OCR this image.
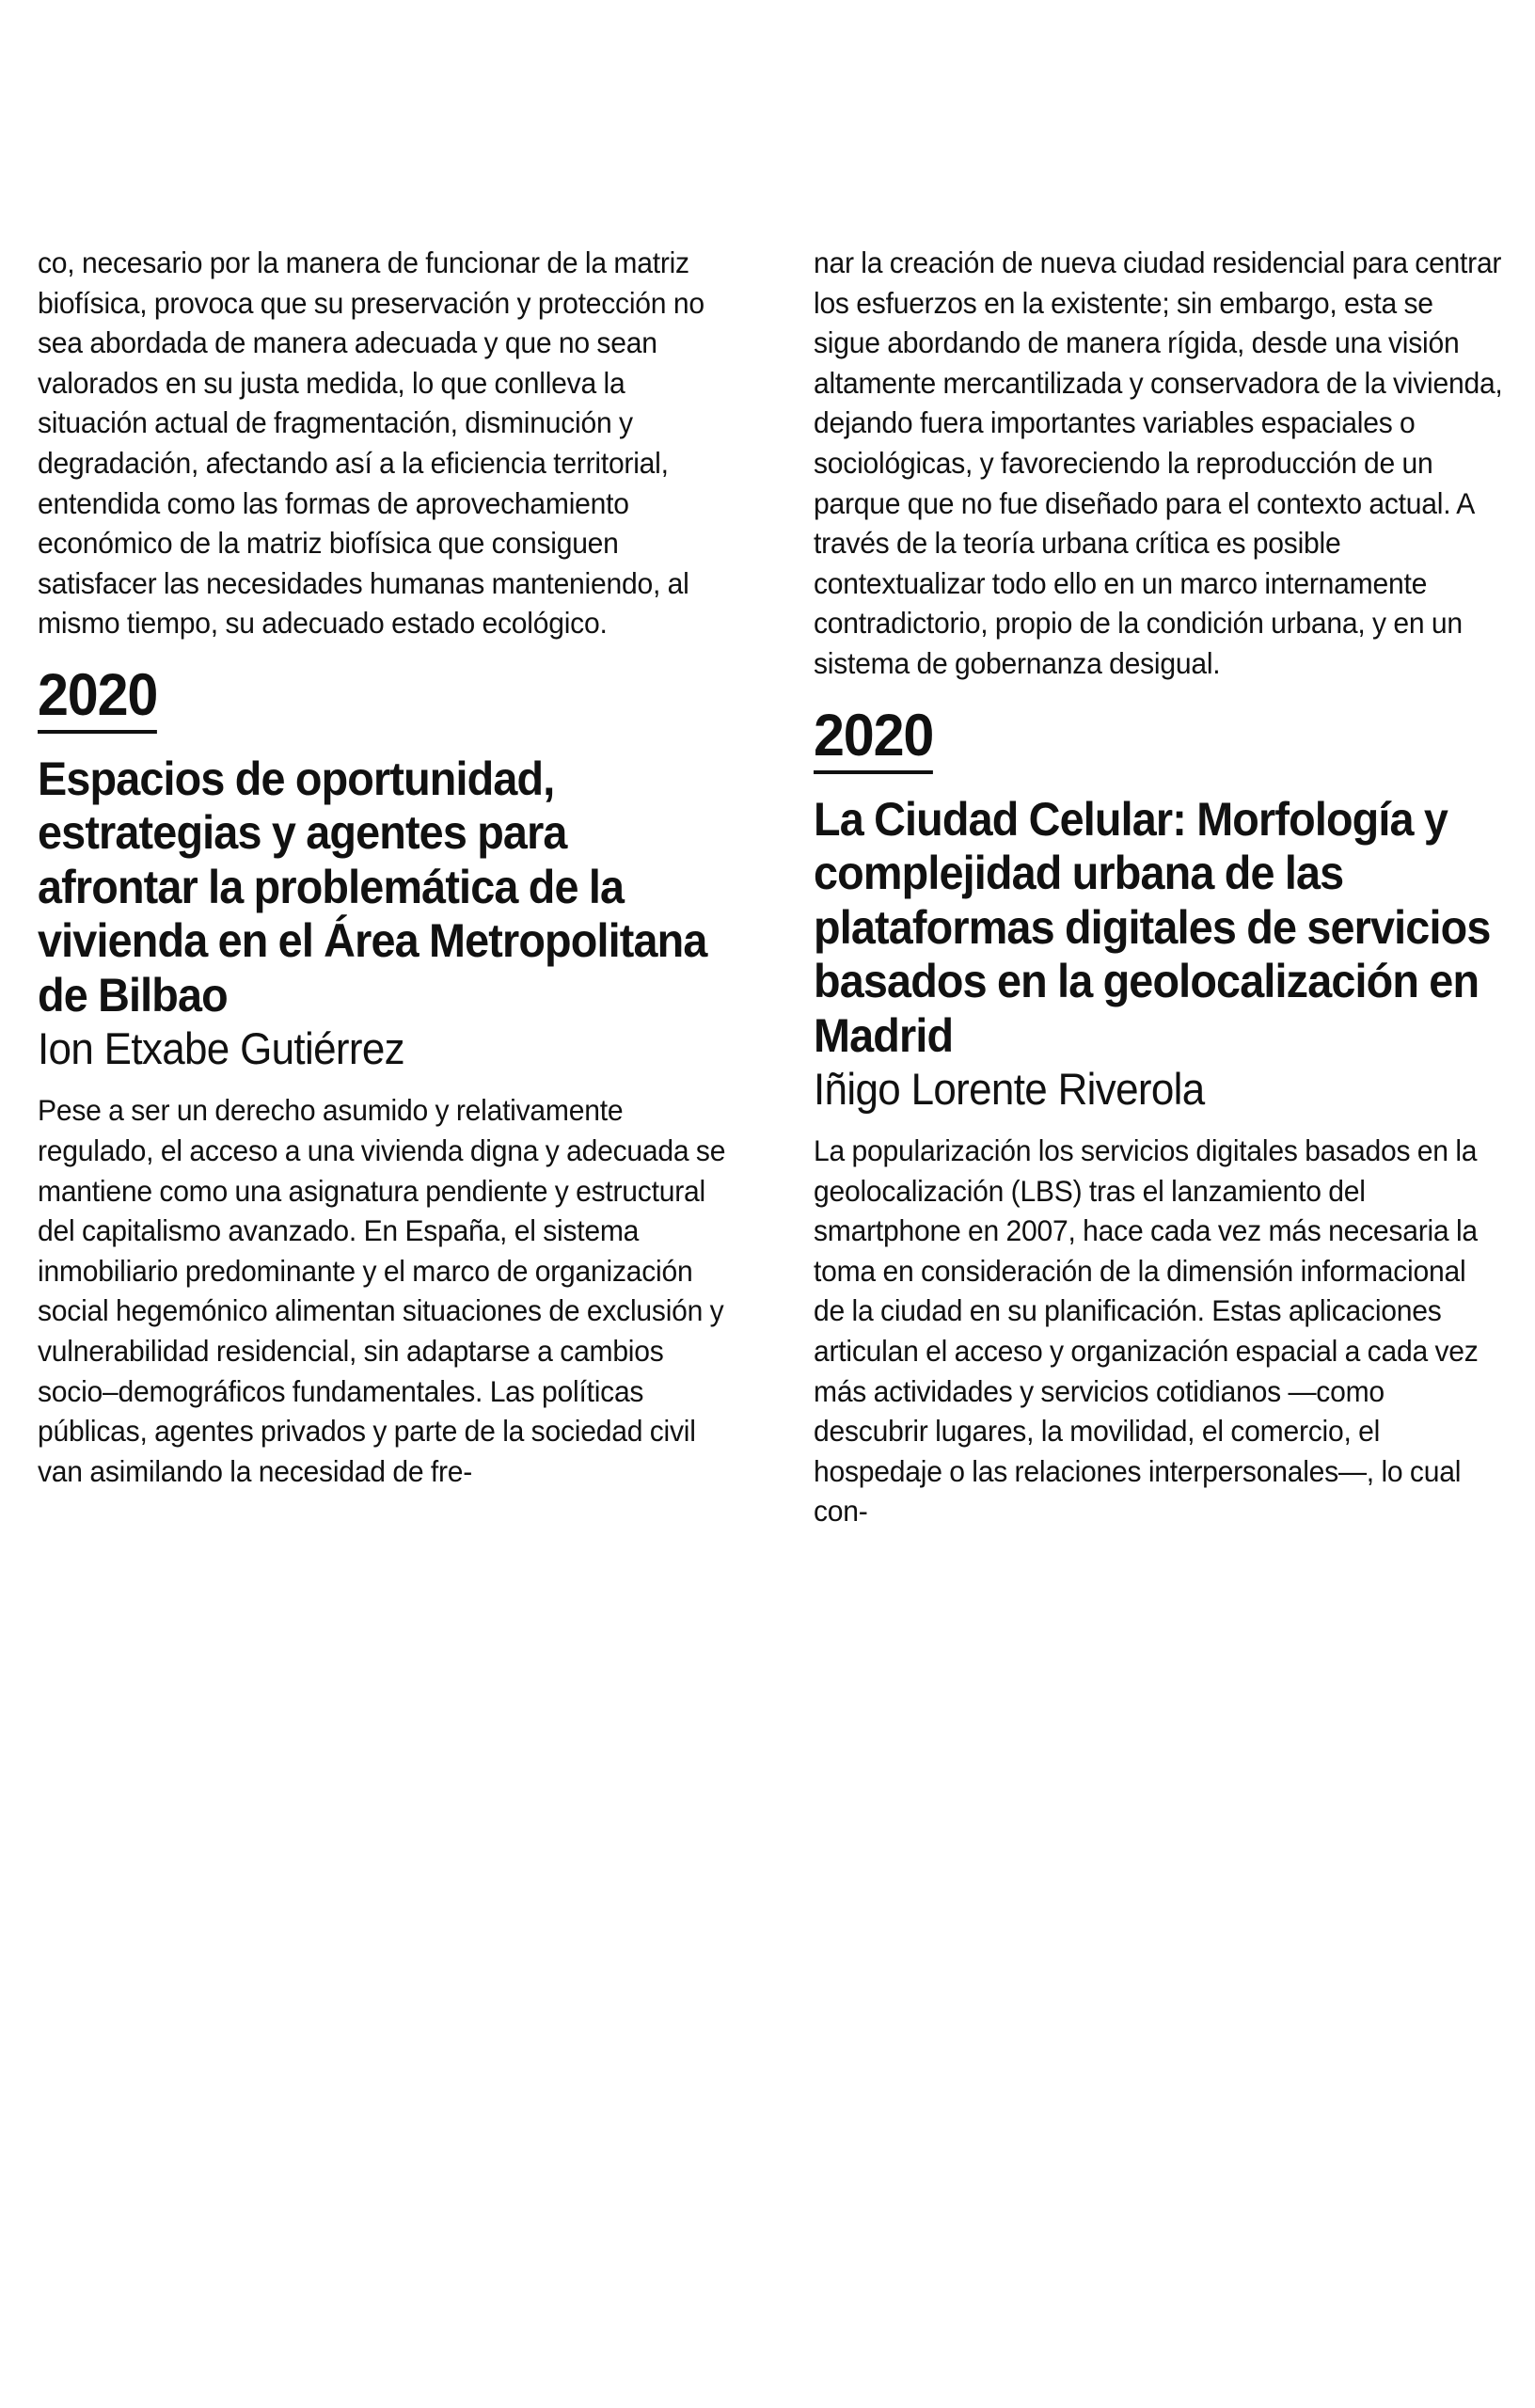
co, necesario por la manera de funcionar de la matriz biofísica, provoca que su preservación y protección no sea abordada de manera adecuada y que no sean valorados en su justa medida, lo que conlleva la situación actual de fragmentación, disminución y degradación, afectando así a la eficiencia territorial, entendida como las formas de aprovechamiento económico de la matriz biofísica que consiguen satisfacer las necesidades humanas manteniendo, al mismo tiempo, su adecuado estado ecológico.

2020
Espacios de oportunidad, estrategias y agentes para afrontar la problemática de la vivienda en el Área Metropolitana de Bilbao

Ion Etxabe Gutiérrez

Pese a ser un derecho asumido y relativamente regulado, el acceso a una vivienda digna y adecuada se mantiene como una asignatura pendiente y estructural del capitalismo avanzado. En España, el sistema inmobiliario predominante y el marco de organización social hegemónico alimentan situaciones de exclusión y vulnerabilidad residencial, sin adaptarse a cambios socio–demográficos fundamentales. Las políticas públicas, agentes privados y parte de la sociedad civil van asimilando la necesidad de fre-

nar la creación de nueva ciudad residencial para centrar los esfuerzos en la existente; sin embargo, esta se sigue abordando de manera rígida, desde una visión altamente mercantilizada y conservadora de la vivienda, dejando fuera importantes variables espaciales o sociológicas, y favoreciendo la reproducción de un parque que no fue diseñado para el contexto actual. A través de la teoría urbana crítica es posible contextualizar todo ello en un marco internamente contradictorio, propio de la condición urbana, y en un sistema de gobernanza desigual.

2020
La Ciudad Celular: Morfología y complejidad urbana de las plataformas digitales de servicios basados en la geolocalización en Madrid

Iñigo Lorente Riverola

La popularización los servicios digitales basados en la geolocalización (LBS) tras el lanzamiento del smartphone en 2007, hace cada vez más necesaria la toma en consideración de la dimensión informacional de la ciudad en su planificación. Estas aplicaciones articulan el acceso y organización espacial a cada vez más actividades y servicios cotidianos —como descubrir lugares, la movilidad, el comercio, el hospedaje o las relaciones interpersonales—, lo cual con-
